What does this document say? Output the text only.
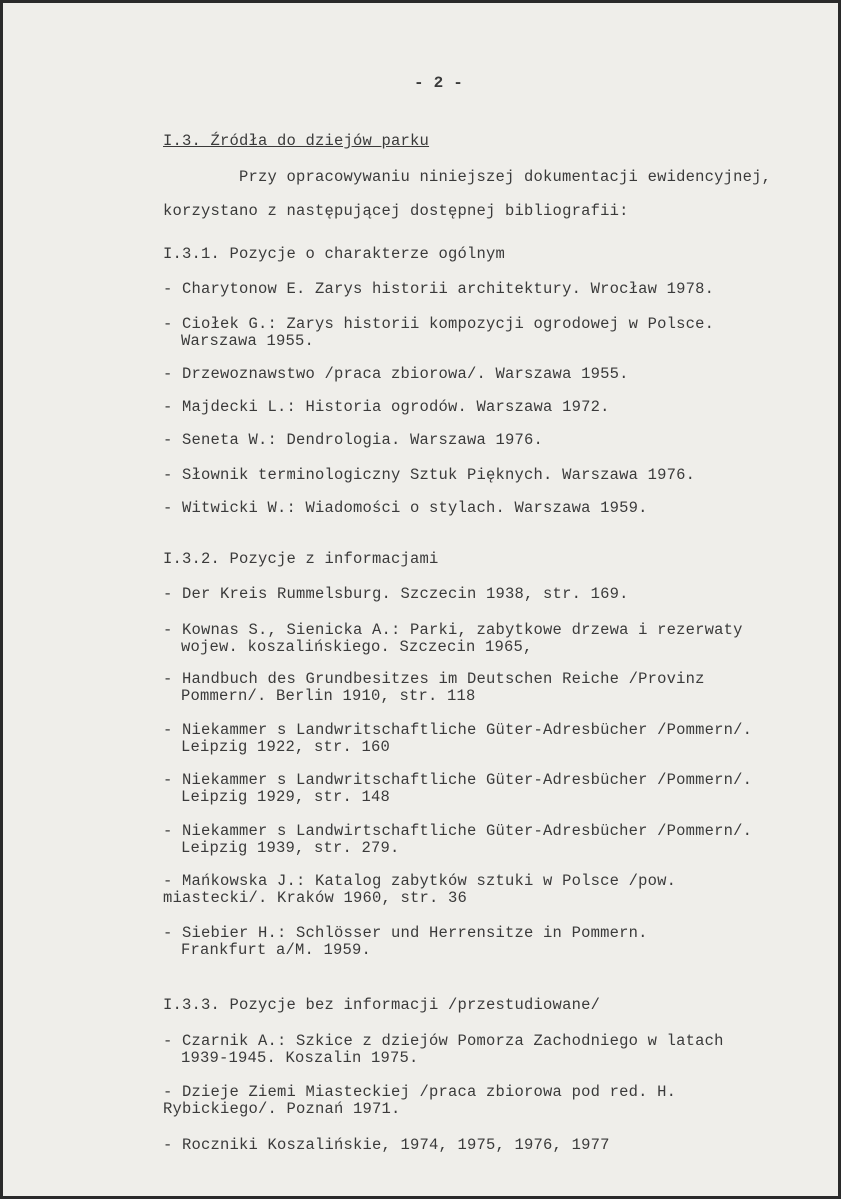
- 2 -
I.3. Źródła do dziejów parku
Przy opracowywaniu niniejszej dokumentacji ewidencyjnej,
korzystano z następującej dostępnej bibliografii:
I.3.1. Pozycje o charakterze ogólnym
- Charytonow E. Zarys historii architektury. Wrocław 1978.
- Ciołek G.: Zarys historii kompozycji ogrodowej w Polsce.
Warszawa 1955.
- Drzewoznawstwo /praca zbiorowa/. Warszawa 1955.
- Majdecki L.: Historia ogrodów. Warszawa 1972.
- Seneta W.: Dendrologia. Warszawa 1976.
- Słownik terminologiczny Sztuk Pięknych. Warszawa 1976.
- Witwicki W.: Wiadomości o stylach. Warszawa 1959.
I.3.2. Pozycje z informacjami
- Der Kreis Rummelsburg. Szczecin 1938, str. 169.
- Kownas S., Sienicka A.: Parki, zabytkowe drzewa i rezerwaty
wojew. koszalińskiego. Szczecin 1965,
- Handbuch des Grundbesitzes im Deutschen Reiche /Provinz
Pommern/. Berlin 1910, str. 118
- Niekammer s Landwritschaftliche Güter-Adresbücher /Pommern/.
Leipzig 1922, str. 160
- Niekammer s Landwritschaftliche Güter-Adresbücher /Pommern/.
Leipzig 1929, str. 148
- Niekammer s Landwirtschaftliche Güter-Adresbücher /Pommern/.
Leipzig 1939, str. 279.
- Mańkowska J.: Katalog zabytków sztuki w Polsce /pow. miastecki/. Kraków 1960, str. 36
- Siebier H.: Schlösser und Herrensitze in Pommern.
Frankfurt a/M. 1959.
I.3.3. Pozycje bez informacji /przestudiowane/
- Czarnik A.: Szkice z dziejów Pomorza Zachodniego w latach
1939-1945. Koszalin 1975.
- Dzieje Ziemi Miasteckiej /praca zbiorowa pod red. H. Rybickiego/. Poznań 1971.
- Roczniki Koszalińskie, 1974, 1975, 1976, 1977
